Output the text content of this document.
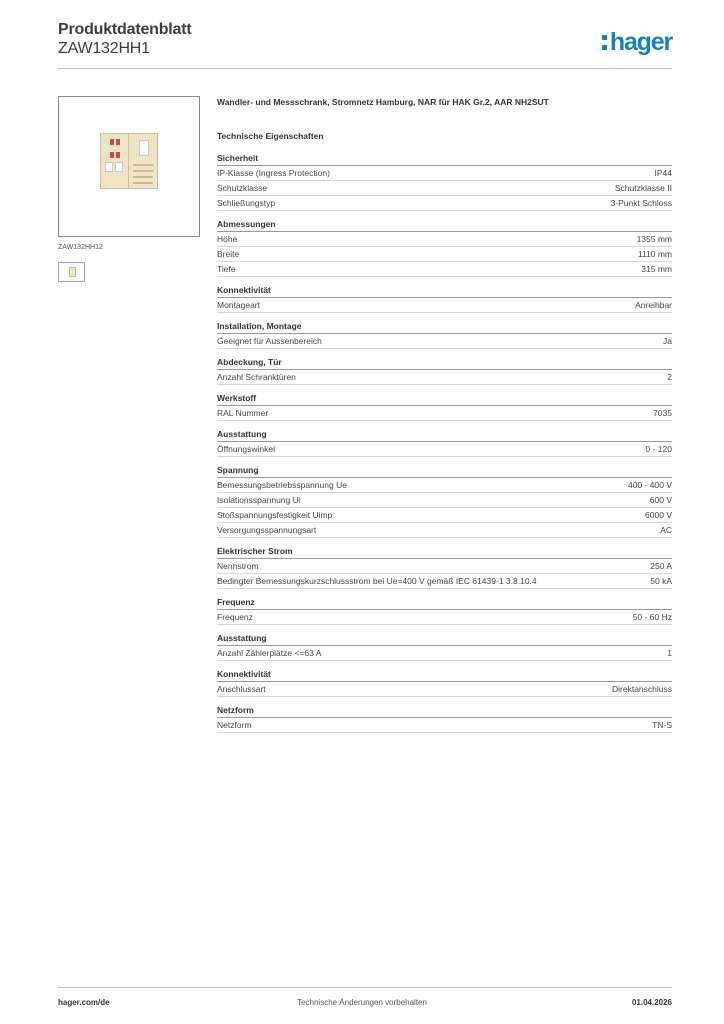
Produktdatenblatt
ZAW132HH1	hager
ZAW132HH12
Wandler- und Messschrank, Stromnetz Hamburg, NAR für HAK Gr.2, AAR NH2SUT
Technische Eigenschaften
Sicherheit
IP-Klasse (Ingress Protection)	IP44
Schutzklasse	Schutzklasse II
Schließungstyp	3-Punkt Schloss
Abmessungen
Höhe	1355 mm
Breite	1110 mm
Tiefe	315 mm
Konnektivität
Montageart	Anreihbar
Installation, Montage
Geeignet für Aussenbereich	Ja
Abdeckung, Tür
Anzahl Schranktüren	2
Werkstoff
RAL Nummer	7035
Ausstattung
Öffnungswinkel	0 - 120
Spannung
Bemessungsbetriebsspannung Ue	400 - 400 V
Isolationsspannung Ui	600 V
Stoßspannungsfestigkeit Uimp	6000 V
Versorgungsspannungsart	AC
Elektrischer Strom
Nennstrom	250 A
Bedingter Bemessungskurzschlussstrom bei Ue=400 V gemäß IEC 61439-1 3.8.10.4	50 kA
Frequenz
Frequenz	50 - 60 Hz
Ausstattung
Anzahl Zählerplätze <=63 A	1
Konnektivität
Anschlussart	Direktanschluss
Netzform
Netzform	TN-S
hager.com/de	Technische Änderungen vorbehalten	01.04.2026
